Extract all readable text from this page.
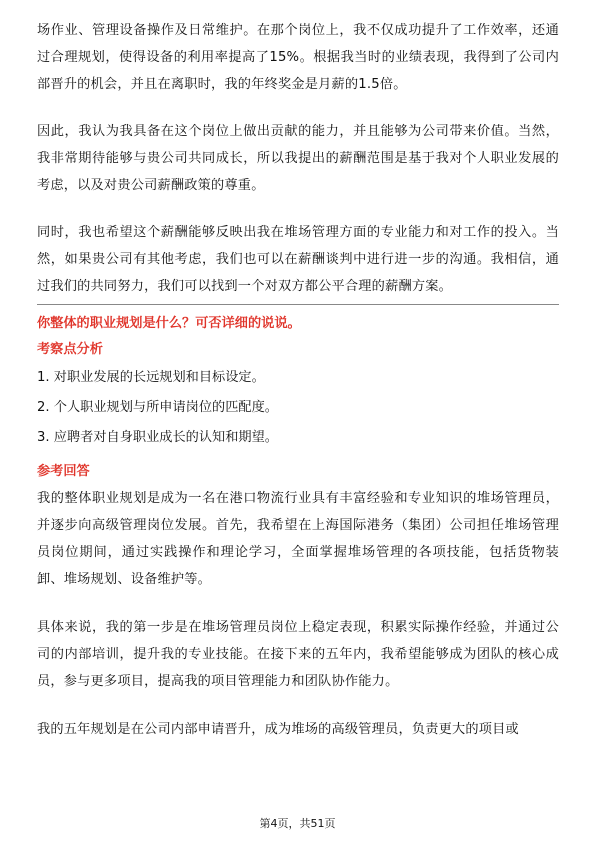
场作业、管理设备操作及日常维护。在那个岗位上，我不仅成功提升了工作效率，还通过合理规划，使得设备的利用率提高了15%。根据我当时的业绩表现，我得到了公司内部晋升的机会，并且在离职时，我的年终奖金是月薪的1.5倍。

因此，我认为我具备在这个岗位上做出贡献的能力，并且能够为公司带来价值。当然，我非常期待能够与贵公司共同成长，所以我提出的薪酬范围是基于我对个人职业发展的考虑，以及对贵公司薪酬政策的尊重。

同时，我也希望这个薪酬能够反映出我在堆场管理方面的专业能力和对工作的投入。当然，如果贵公司有其他考虑，我们也可以在薪酬谈判中进行进一步的沟通。我相信，通过我们的共同努力，我们可以找到一个对双方都公平合理的薪酬方案。

你整体的职业规划是什么？可否详细的说说。

考察点分析

1. 对职业发展的长远规划和目标设定。

2. 个人职业规划与所申请岗位的匹配度。

3. 应聘者对自身职业成长的认知和期望。

参考回答

我的整体职业规划是成为一名在港口物流行业具有丰富经验和专业知识的堆场管理员，并逐步向高级管理岗位发展。首先，我希望在上海国际港务（集团）公司担任堆场管理员岗位期间，通过实践操作和理论学习，全面掌握堆场管理的各项技能，包括货物装卸、堆场规划、设备维护等。

具体来说，我的第一步是在堆场管理员岗位上稳定表现，积累实际操作经验，并通过公司的内部培训，提升我的专业技能。在接下来的五年内，我希望能够成为团队的核心成员，参与更多项目，提高我的项目管理能力和团队协作能力。

我的五年规划是在公司内部申请晋升，成为堆场的高级管理员，负责更大的项目或

第4页，共51页
